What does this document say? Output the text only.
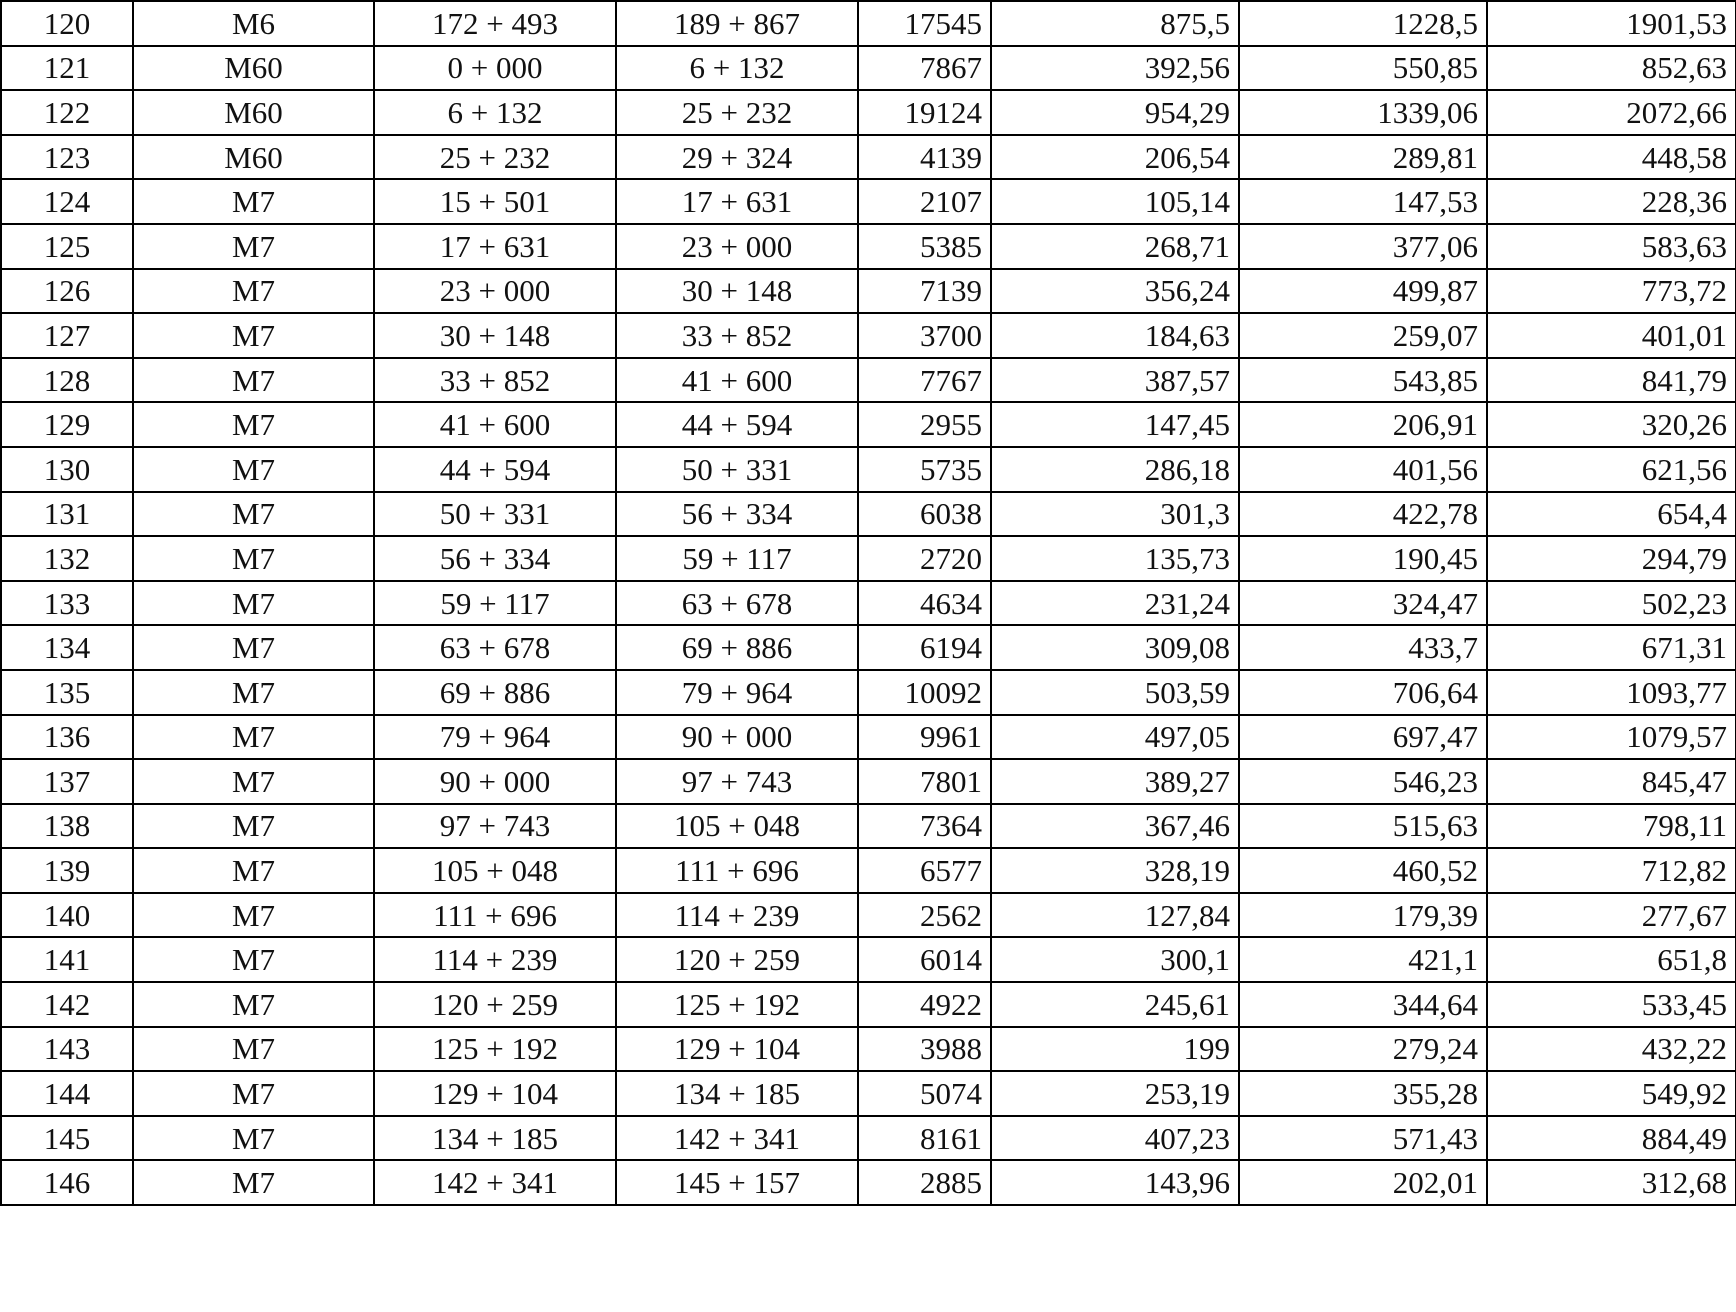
120	M6	172 + 493	189 + 867	17545	875,5	1228,5	1901,53
121	M60	0 + 000	6 + 132	7867	392,56	550,85	852,63
122	M60	6 + 132	25 + 232	19124	954,29	1339,06	2072,66
123	M60	25 + 232	29 + 324	4139	206,54	289,81	448,58
124	M7	15 + 501	17 + 631	2107	105,14	147,53	228,36
125	M7	17 + 631	23 + 000	5385	268,71	377,06	583,63
126	M7	23 + 000	30 + 148	7139	356,24	499,87	773,72
127	M7	30 + 148	33 + 852	3700	184,63	259,07	401,01
128	M7	33 + 852	41 + 600	7767	387,57	543,85	841,79
129	M7	41 + 600	44 + 594	2955	147,45	206,91	320,26
130	M7	44 + 594	50 + 331	5735	286,18	401,56	621,56
131	M7	50 + 331	56 + 334	6038	301,3	422,78	654,4
132	M7	56 + 334	59 + 117	2720	135,73	190,45	294,79
133	M7	59 + 117	63 + 678	4634	231,24	324,47	502,23
134	M7	63 + 678	69 + 886	6194	309,08	433,7	671,31
135	M7	69 + 886	79 + 964	10092	503,59	706,64	1093,77
136	M7	79 + 964	90 + 000	9961	497,05	697,47	1079,57
137	M7	90 + 000	97 + 743	7801	389,27	546,23	845,47
138	M7	97 + 743	105 + 048	7364	367,46	515,63	798,11
139	M7	105 + 048	111 + 696	6577	328,19	460,52	712,82
140	M7	111 + 696	114 + 239	2562	127,84	179,39	277,67
141	M7	114 + 239	120 + 259	6014	300,1	421,1	651,8
142	M7	120 + 259	125 + 192	4922	245,61	344,64	533,45
143	M7	125 + 192	129 + 104	3988	199	279,24	432,22
144	M7	129 + 104	134 + 185	5074	253,19	355,28	549,92
145	M7	134 + 185	142 + 341	8161	407,23	571,43	884,49
146	M7	142 + 341	145 + 157	2885	143,96	202,01	312,68
